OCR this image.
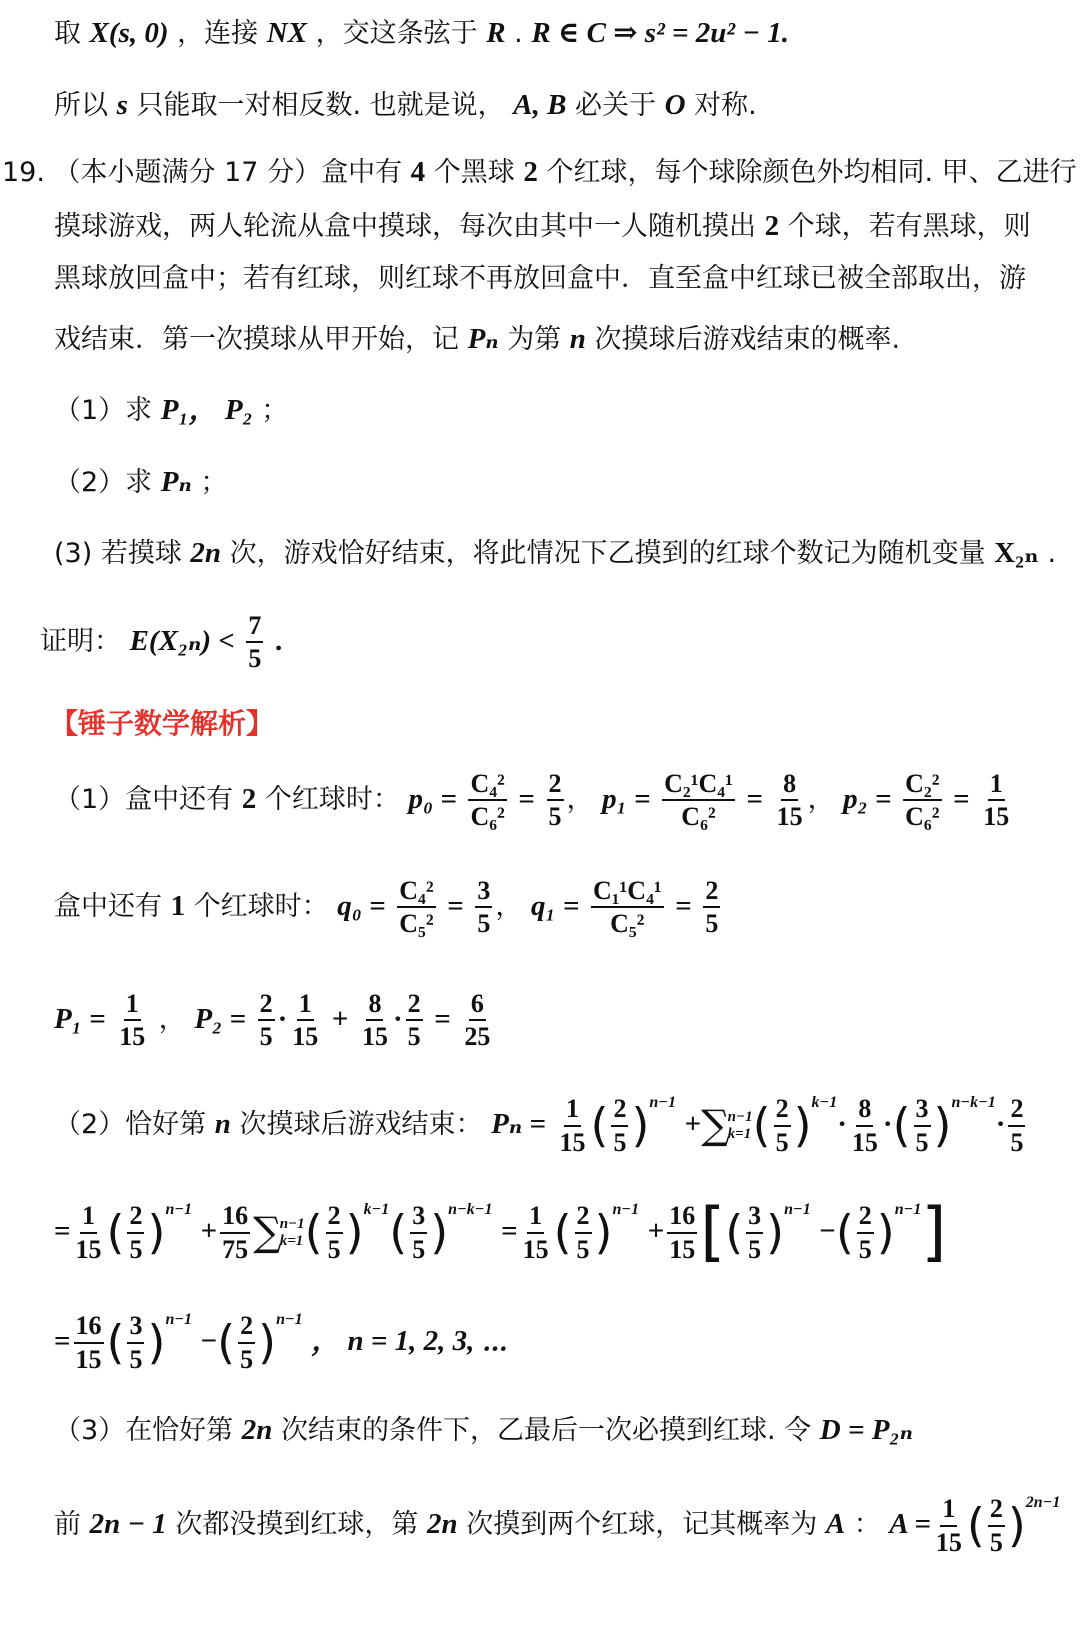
取 X(s, 0) ，连接 NX ，交这条弦于 R . R ∈ C ⇒ s² = 2u² − 1.
所以 s 只能取一对相反数. 也就是说， A, B 必关于 O 对称.
19. （本小题满分 17 分）盒中有 4 个黑球 2 个红球，每个球除颜色外均相同. 甲、乙进行
摸球游戏，两人轮流从盒中摸球，每次由其中一人随机摸出 2 个球，若有黑球，则
黑球放回盒中；若有红球，则红球不再放回盒中．直至盒中红球已被全部取出，游
戏结束．第一次摸球从甲开始，记 Pₙ 为第 n 次摸球后游戏结束的概率.
（1）求 P₁， P₂ ；
（2）求 Pₙ ；
(3) 若摸球 2n 次，游戏恰好结束，将此情况下乙摸到的红球个数记为随机变量 X₂ₙ .
证明： $E(X_{2n}) < \frac{7}{5}$ .
【锤子数学解析】
（1）盒中还有 2 个红球时： $p_0 = \frac{\text{C₄²}}{\text{C₆²}} = \frac{2}{5}$ ， $p_1 = \frac{\text{C₂¹C₄¹}}{\text{C₆²}} = \frac{8}{15}$ ， $p_2 = \frac{\text{C₂²}}{\text{C₆²}} = \frac{1}{15}$
盒中还有 1 个红球时： $q_0 = \frac{\text{C₄²}}{\text{C₅²}} = \frac{3}{5}$ ， $q_1 = \frac{\text{C₁¹C₄¹}}{\text{C₅²}} = \frac{2}{5}$
$P_1 = \frac{1}{15}$ ， $P_2 = \frac{2}{5} \cdot \frac{1}{15} + \frac{8}{15} \cdot \frac{2}{5} = \frac{6}{25}$
（2）恰好第 n 次摸球后游戏结束： $P_n = \frac{1}{15}$ ( $\frac{2}{5} )^{n-1}$ +∑
n−1
k=1 ( $\frac{2}{5} )^{k-1}\cdot \frac{8}{15}$ ·( $\frac{3}{5} )^{n-k-1}\cdot \frac{2}{5}$
= $\frac{1}{15}$ ( $\frac{2}{5} )^{n-1} + \frac{16}{75}$ ∑
n−1
k=1 ( $\frac{2}{5} )^{k-1}( \frac{3}{5} )^{n-k-1} = \frac{1}{15}$ ( $\frac{2}{5} )^{n-1} + \frac{16}{15}$ [( $\frac{3}{5} )^{n-1}$ −( $\frac{2}{5} )^{n-1}$]
= $\frac{16}{15}$ ( $\frac{3}{5} )^{n-1}$ −( $\frac{2}{5} )^{n-1}$ ， n = 1, 2, 3, ⋯
（3）在恰好第 2n 次结束的条件下，乙最后一次必摸到红球. 令 D = P₂ₙ
前 2n − 1 次都没摸到红球，第 2n 次摸到两个红球，记其概率为 A ： $A = \frac{1}{15}$ ( $\frac{2}{5} )^{2n-1}$
